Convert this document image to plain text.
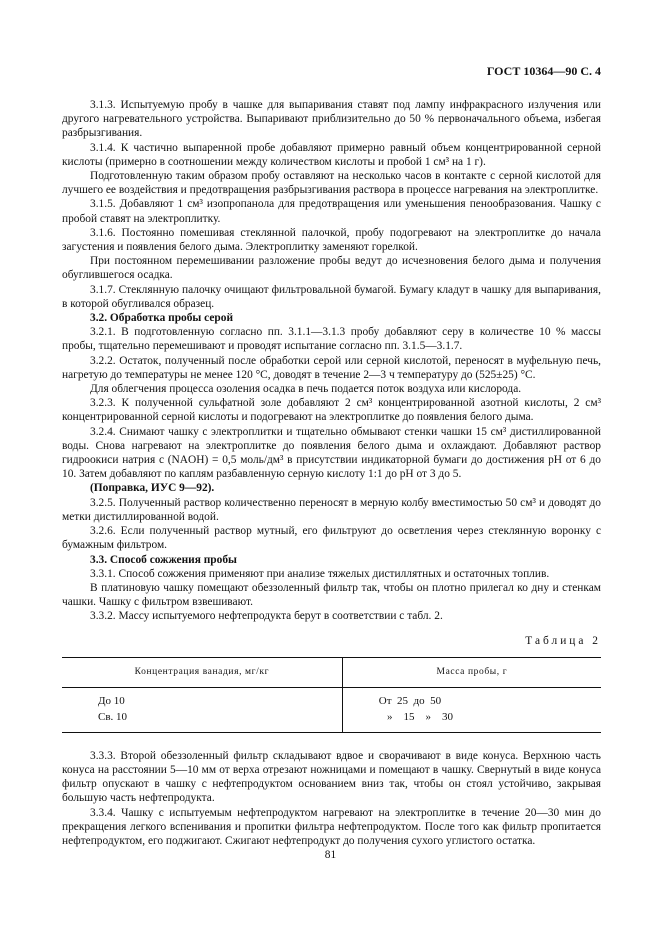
ГОСТ 10364—90 С. 4

3.1.3. Испытуемую пробу в чашке для выпаривания ставят под лампу инфракрасного излучения или другого нагревательного устройства. Выпаривают приблизительно до 50 % первоначального объема, избегая разбрызгивания.

3.1.4. К частично выпаренной пробе добавляют примерно равный объем концентрированной серной кислоты (примерно в соотношении между количеством кислоты и пробой 1 см³ на 1 г).

Подготовленную таким образом пробу оставляют на несколько часов в контакте с серной кислотой для лучшего ее воздействия и предотвращения разбрызгивания раствора в процессе нагревания на электроплитке.

3.1.5. Добавляют 1 см³ изопропанола для предотвращения или уменьшения пенообразования. Чашку с пробой ставят на электроплитку.

3.1.6. Постоянно помешивая стеклянной палочкой, пробу подогревают на электроплитке до начала загустения и появления белого дыма. Электроплитку заменяют горелкой.

При постоянном перемешивании разложение пробы ведут до исчезновения белого дыма и получения обуглившегося осадка.

3.1.7. Стеклянную палочку очищают фильтровальной бумагой. Бумагу кладут в чашку для выпаривания, в которой обугливался образец.

3.2. Обработка пробы серой

3.2.1. В подготовленную согласно пп. 3.1.1—3.1.3 пробу добавляют серу в количестве 10 % массы пробы, тщательно перемешивают и проводят испытание согласно пп. 3.1.5—3.1.7.

3.2.2. Остаток, полученный после обработки серой или серной кислотой, переносят в муфельную печь, нагретую до температуры не менее 120 °C, доводят в течение 2—3 ч температуру до (525±25) °C.

Для облегчения процесса озоления осадка в печь подается поток воздуха или кислорода.

3.2.3. К полученной сульфатной золе добавляют 2 см³ концентрированной азотной кислоты, 2 см³ концентрированной серной кислоты и подогревают на электроплитке до появления белого дыма.

3.2.4. Снимают чашку с электроплитки и тщательно обмывают стенки чашки 15 см³ дистиллированной воды. Снова нагревают на электроплитке до появления белого дыма и охлаждают. Добавляют раствор гидроокиси натрия c (NAOH) = 0,5 моль/дм³ в присутствии индикаторной бумаги до достижения pH от 6 до 10. Затем добавляют по каплям разбавленную серную кислоту 1:1 до pH от 3 до 5.

(Поправка, ИУС 9—92).

3.2.5. Полученный раствор количественно переносят в мерную колбу вместимостью 50 см³ и доводят до метки дистиллированной водой.

3.2.6. Если полученный раствор мутный, его фильтруют до осветления через стеклянную воронку с бумажным фильтром.

3.3. Способ сожжения пробы

3.3.1. Способ сожжения применяют при анализе тяжелых дистиллятных и остаточных топлив.

В платиновую чашку помещают обеззоленный фильтр так, чтобы он плотно прилегал ко дну и стенкам чашки. Чашку с фильтром взвешивают.

3.3.2. Массу испытуемого нефтепродукта берут в соответствии с табл. 2.

Таблица 2
Концентрация ванадия, мг/кг	Масса пробы, г
До 10	От 25 до 50
Св. 10	» 15 » 30

3.3.3. Второй обеззоленный фильтр складывают вдвое и сворачивают в виде конуса. Верхнюю часть конуса на расстоянии 5—10 мм от верха отрезают ножницами и помещают в чашку. Свернутый в виде конуса фильтр опускают в чашку с нефтепродуктом основанием вниз так, чтобы он стоял устойчиво, закрывая большую часть нефтепродукта.

3.3.4. Чашку с испытуемым нефтепродуктом нагревают на электроплитке в течение 20—30 мин до прекращения легкого вспенивания и пропитки фильтра нефтепродуктом. После того как фильтр пропитается нефтепродуктом, его поджигают. Сжигают нефтепродукт до получения сухого углистого остатка.

81
